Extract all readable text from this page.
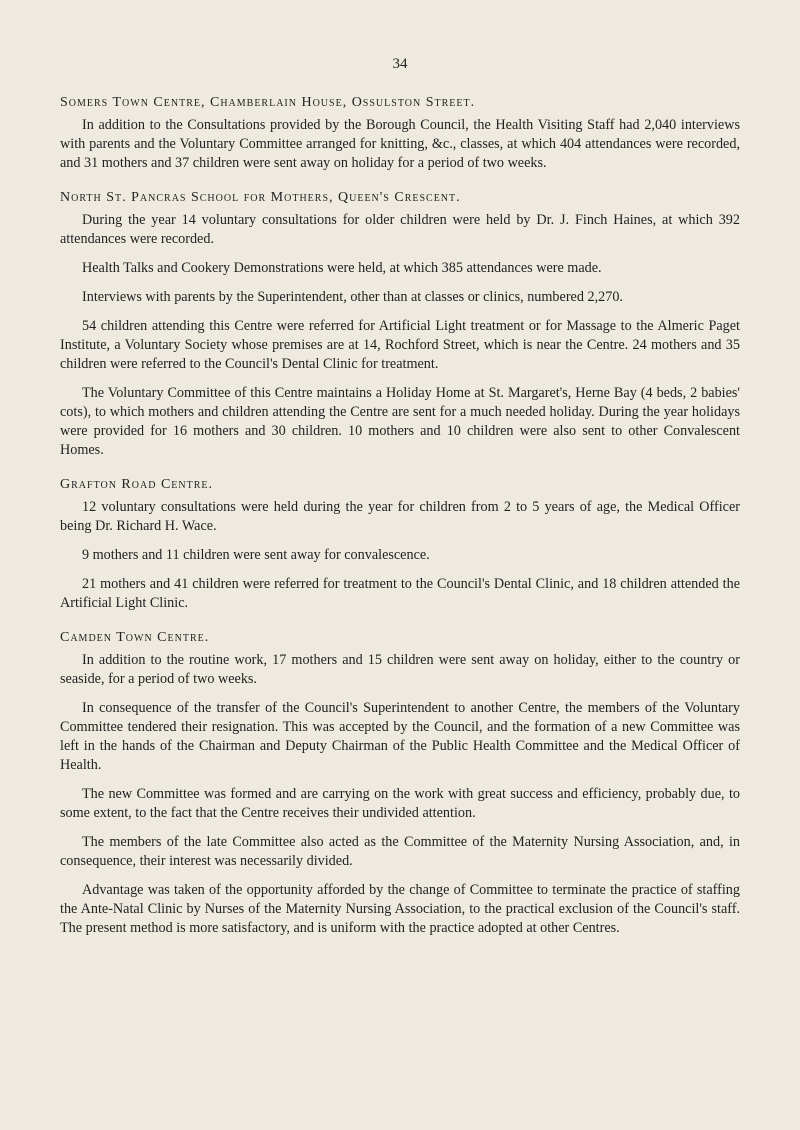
34
Somers Town Centre, Chamberlain House, Ossulston Street.

In addition to the Consultations provided by the Borough Council, the Health Visiting Staff had 2,040 interviews with parents and the Voluntary Committee arranged for knitting, &c., classes, at which 404 attendances were recorded, and 31 mothers and 37 children were sent away on holiday for a period of two weeks.

North St. Pancras School for Mothers, Queen's Crescent.

During the year 14 voluntary consultations for older children were held by Dr. J. Finch Haines, at which 392 attendances were recorded.

Health Talks and Cookery Demonstrations were held, at which 385 attendances were made.

Interviews with parents by the Superintendent, other than at classes or clinics, numbered 2,270.

54 children attending this Centre were referred for Artificial Light treatment or for Massage to the Almeric Paget Institute, a Voluntary Society whose premises are at 14, Rochford Street, which is near the Centre. 24 mothers and 35 children were referred to the Council's Dental Clinic for treatment.

The Voluntary Committee of this Centre maintains a Holiday Home at St. Margaret's, Herne Bay (4 beds, 2 babies' cots), to which mothers and children attending the Centre are sent for a much needed holiday. During the year holidays were provided for 16 mothers and 30 children. 10 mothers and 10 children were also sent to other Convalescent Homes.

Grafton Road Centre.

12 voluntary consultations were held during the year for children from 2 to 5 years of age, the Medical Officer being Dr. Richard H. Wace.

9 mothers and 11 children were sent away for convalescence.

21 mothers and 41 children were referred for treatment to the Council's Dental Clinic, and 18 children attended the Artificial Light Clinic.

Camden Town Centre.

In addition to the routine work, 17 mothers and 15 children were sent away on holiday, either to the country or seaside, for a period of two weeks.

In consequence of the transfer of the Council's Superintendent to another Centre, the members of the Voluntary Committee tendered their resignation. This was accepted by the Council, and the formation of a new Committee was left in the hands of the Chairman and Deputy Chairman of the Public Health Committee and the Medical Officer of Health.

The new Committee was formed and are carrying on the work with great success and efficiency, probably due, to some extent, to the fact that the Centre receives their undivided attention.

The members of the late Committee also acted as the Committee of the Maternity Nursing Association, and, in consequence, their interest was necessarily divided.

Advantage was taken of the opportunity afforded by the change of Committee to terminate the practice of staffing the Ante-Natal Clinic by Nurses of the Maternity Nursing Association, to the practical exclusion of the Council's staff. The present method is more satisfactory, and is uniform with the practice adopted at other Centres.
